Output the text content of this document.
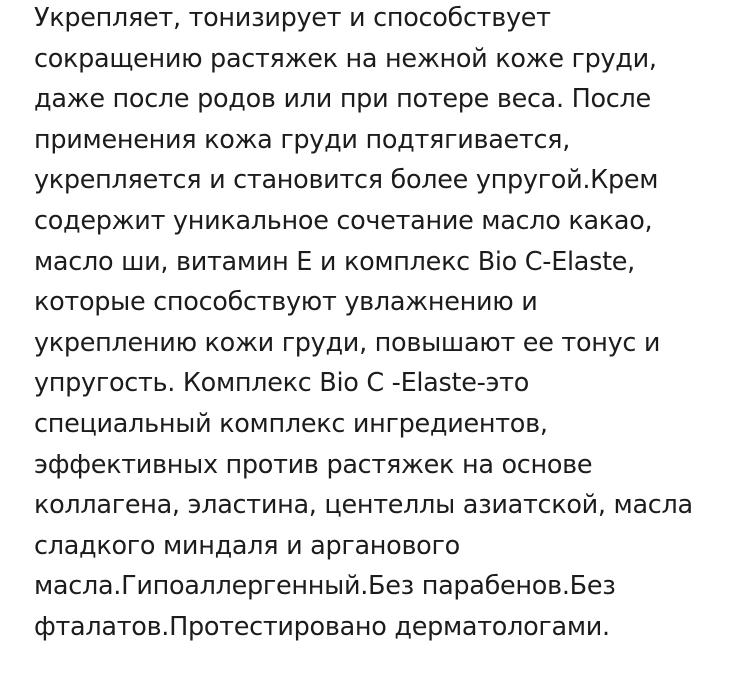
Укрепляет, тонизирует и способствует
сокращению растяжек на нежной коже груди,
даже после родов или при потере веса. После
применения кожа груди подтягивается,
укрепляется и становится более упругой.Крем
содержит уникальное сочетание масло какао,
масло ши, витамин Е и комплекс Bio C-Elaste,
которые способствуют увлажнению и
укреплению кожи груди, повышают ее тонус и
упругость. Комплекс Bio C -Elaste-это
специальный комплекс ингредиентов,
эффективных против растяжек на основе
коллагена, эластина, центеллы азиатской, масла
сладкого миндаля и арганового
масла.Гипоаллергенный.Без парабенов.Без
фталатов.Протестировано дерматологами.
